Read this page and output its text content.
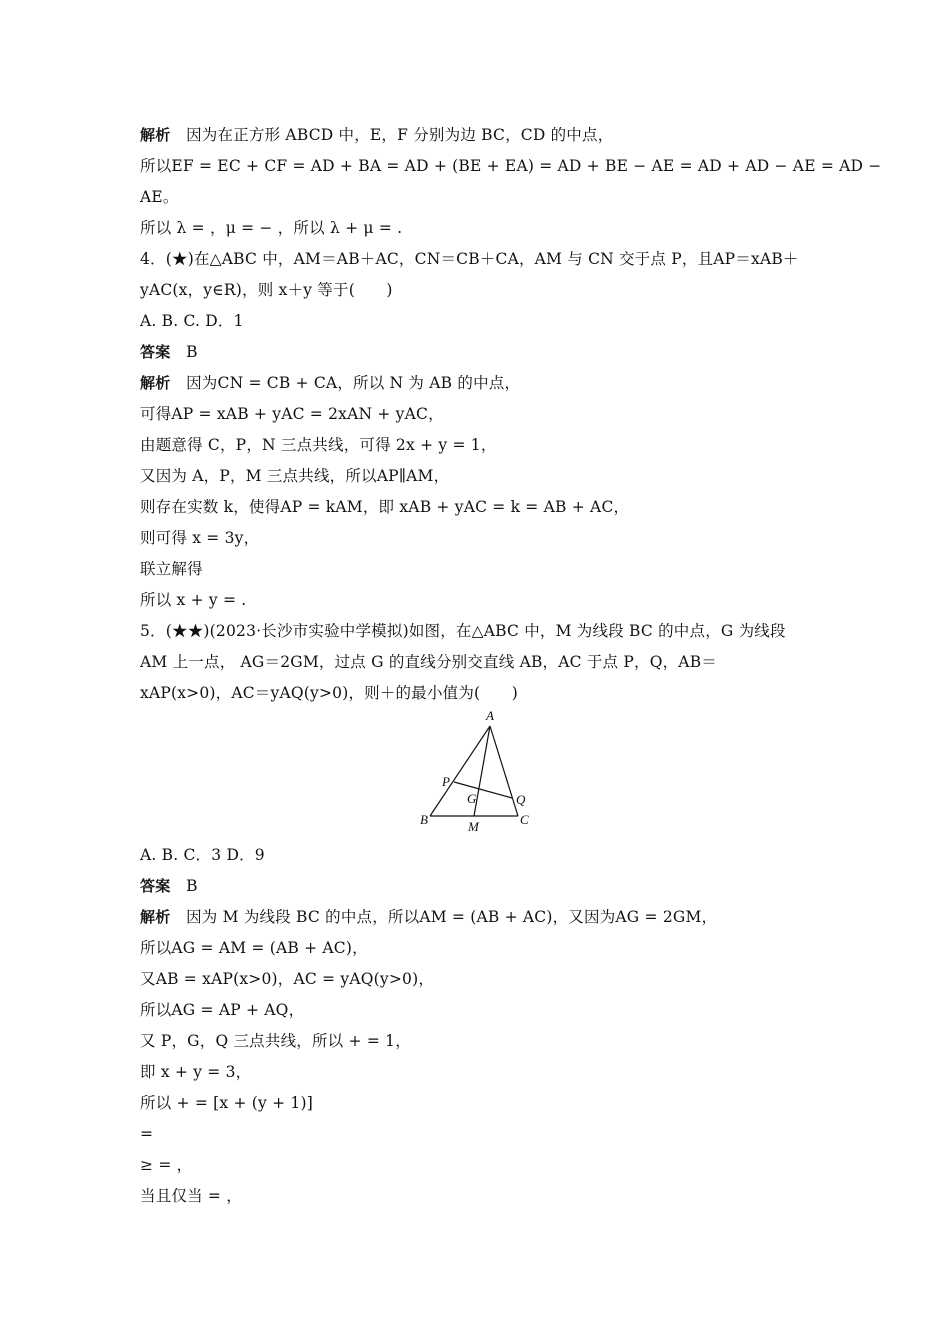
解析　因为在正方形 ABCD 中，E，F 分别为边 BC，CD 的中点，
所以EF = EC + CF = AD + BA = AD + (BE + EA) = AD + BE − AE = AD + AD − AE = AD −
AE。
所以 λ = ，μ = − ，所以 λ + μ = .
4．(★)在△ABC 中，AM＝AB＋AC，CN＝CB＋CA，AM 与 CN 交于点 P，且AP＝xAB＋
yAC(x，y∈R)，则 x＋y 等于(　　)
A. B. C. D．1
答案　B
解析　因为CN = CB + CA，所以 N 为 AB 的中点，
可得AP = xAB + yAC = 2xAN + yAC，
由题意得 C，P，N 三点共线，可得 2x + y = 1，
又因为 A，P，M 三点共线，所以AP∥AM，
则存在实数 k，使得AP = kAM，即 xAB + yAC = k = AB + AC，
则可得 x = 3y，
联立解得
所以 x + y = .
5．(★★)(2023·长沙市实验中学模拟)如图，在△ABC 中，M 为线段 BC 的中点，G 为线段
AM 上一点， AG＝2GM，过点 G 的直线分别交直线 AB，AC 于点 P，Q，AB＝
xAP(x>0)，AC＝yAQ(y>0)，则＋的最小值为(　　)
A
B	C
M
P
Q
G
A. B. C．3 D．9
答案　B
解析　因为 M 为线段 BC 的中点，所以AM = (AB + AC)，又因为AG = 2GM，
所以AG = AM = (AB + AC)，
又AB = xAP(x>0)，AC = yAQ(y>0)，
所以AG = AP + AQ，
又 P，G，Q 三点共线，所以 + = 1，
即 x + y = 3，
所以 + = [x + (y + 1)]
=
≥ = ，
当且仅当 = ，
